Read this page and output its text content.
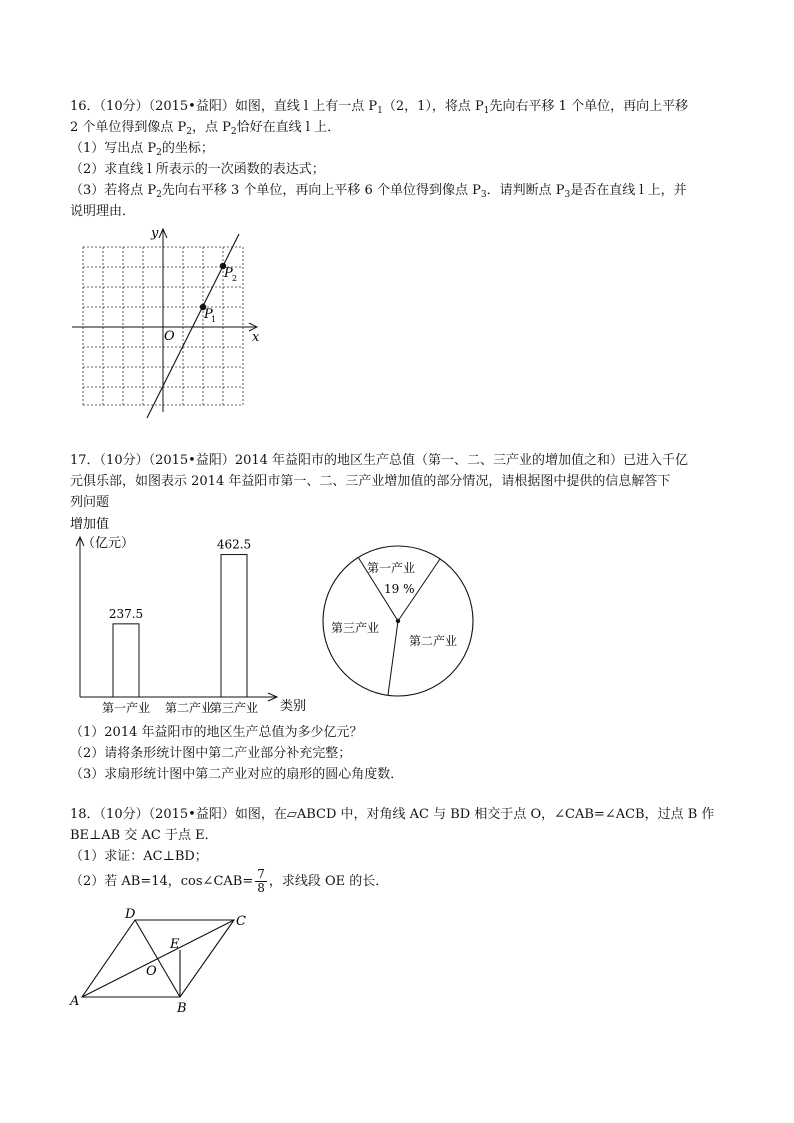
16．（10分）（2015•益阳）如图，直线 l 上有一点 $P_1(2$，1），将点 $P_1$先向右平移 1 个单位，再向上平移
2 个单位得到像点 $P_2$，点 $P_2$恰好在直线 l 上．
（1）写出点 $P_2$的坐标；
（2）求直线 l 所表示的一次函数的表达式；
（3）若将点 $P_2$先向右平移 3 个单位，再向上平移 6 个单位得到像点 $P_3$．请判断点 $P_3$是否在直线 l 上，并
说明理由．
x
y
O
P
1
P 2
17．（10分）（2015•益阳）2014 年益阳市的地区生产总值（第一、二、三产业的增加值之和）已进入千亿
元俱乐部，如图表示 2014 年益阳市第一、二、三产业增加值的部分情况，请根据图中提供的信息解答下
列问题
增加值
（亿元）
类别
237.5
第一产业 第二产业
462.5
第三产业
第一产业
19 %
第二产业
第三产业
（1）2014 年益阳市的地区生产总值为多少亿元？
（2）请将条形统计图中第二产业部分补充完整；
（3）求扇形统计图中第二产业对应的扇形的圆心角度数．
18．（10分）（2015•益阳）如图，在▱ABCD 中，对角线 AC 与 BD 相交于点 O，∠CAB=∠ACB，过点 B 作
BE⊥AB 交 AC 于点 E．
（1）求证：AC⊥BD；
（2）若 AB=14，cos∠CAB= $\frac{7}{8}$ ，求线段 OE 的长．
A	B
C
D
E
O
